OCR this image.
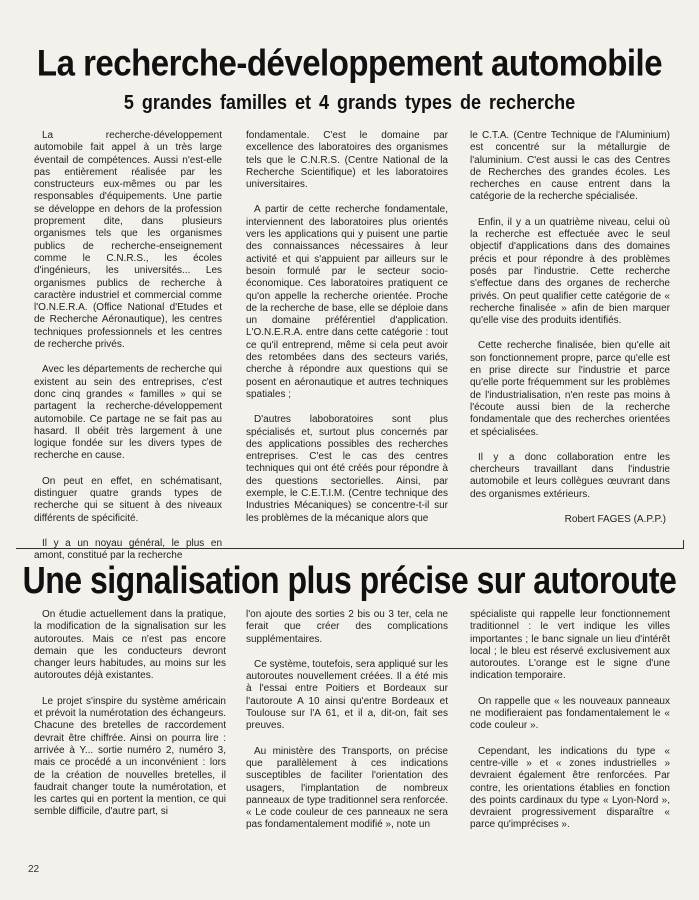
La recherche-développement automobile
5 grandes familles et 4 grands types de recherche

La recherche-développement automobile fait appel à un très large éventail de compétences. Aussi n'est-elle pas entièrement réalisée par les constructeurs eux-mêmes ou par les responsables d'équipements. Une partie se développe en dehors de la profession proprement dite, dans plusieurs organismes tels que les organismes publics de recherche-enseignement comme le C.N.R.S., les écoles d'ingénieurs, les universités... Les organismes publics de recherche à caractère industriel et commercial comme l'O.N.E.R.A. (Office National d'Etudes et de Recherche Aéronautique), les centres techniques professionnels et les centres de recherche privés.

Avec les départements de recherche qui existent au sein des entreprises, c'est donc cinq grandes « familles » qui se partagent la recherche-développement automobile. Ce partage ne se fait pas au hasard. Il obéit très largement à une logique fondée sur les divers types de recherche en cause.

On peut en effet, en schématisant, distinguer quatre grands types de recherche qui se situent à des niveaux différents de spécificité.

Il y a un noyau général, le plus en amont, constitué par la recherche

fondamentale. C'est le domaine par excellence des laboratoires des organismes tels que le C.N.R.S. (Centre National de la Recherche Scientifique) et les laboratoires universitaires.

A partir de cette recherche fondamentale, interviennent des laboratoires plus orientés vers les applications qui y puisent une partie des connaissances nécessaires à leur activité et qui s'appuient par ailleurs sur le besoin formulé par le secteur socio-économique. Ces laboratoires pratiquent ce qu'on appelle la recherche orientée. Proche de la recherche de base, elle se déploie dans un domaine préférentiel d'application. L'O.N.E.R.A. entre dans cette catégorie : tout ce qu'il entreprend, même si cela peut avoir des retombées dans des secteurs variés, cherche à répondre aux questions qui se posent en aéronautique et autres techniques spatiales ;

D'autres laboboratoires sont plus spécialisés et, surtout plus concernés par des applications possibles des recherches entreprises. C'est le cas des centres techniques qui ont été créés pour répondre à des questions sectorielles. Ainsi, par exemple, le C.E.T.I.M. (Centre technique des Industries Mécaniques) se concentre-t-il sur les problèmes de la mécanique alors que

le C.T.A. (Centre Technique de l'Aluminium) est concentré sur la métallurgie de l'aluminium. C'est aussi le cas des Centres de Recherches des grandes écoles. Les recherches en cause entrent dans la catégorie de la recherche spécialisée.

Enfin, il y a un quatrième niveau, celui où la recherche est effectuée avec le seul objectif d'applications dans des domaines précis et pour répondre à des problèmes posés par l'industrie. Cette recherche s'effectue dans des organes de recherche privés. On peut qualifier cette catégorie de « recherche finalisée » afin de bien marquer qu'elle vise des produits identifiés.

Cette recherche finalisée, bien qu'elle ait son fonctionnement propre, parce qu'elle est en prise directe sur l'industrie et parce qu'elle porte fréquemment sur les problèmes de l'industrialisation, n'en reste pas moins à l'écoute aussi bien de la recherche fondamentale que des recherches orientées et spécialisées.

Il y a donc collaboration entre les chercheurs travaillant dans l'industrie automobile et leurs collègues œuvrant dans des organismes extérieurs.

Robert FAGES (A.P.P.)
Une signalisation plus précise sur autoroute

On étudie actuellement dans la pratique, la modification de la signalisation sur les autoroutes. Mais ce n'est pas encore demain que les conducteurs devront changer leurs habitudes, au moins sur les autoroutes déjà existantes.

Le projet s'inspire du système américain et prévoit la numérotation des échangeurs. Chacune des bretelles de raccordement devrait être chiffrée. Ainsi on pourra lire : arrivée à Y... sortie numéro 2, numéro 3, mais ce procédé a un inconvénient : lors de la création de nouvelles bretelles, il faudrait changer toute la numérotation, et les cartes qui en portent la mention, ce qui semble difficile, d'autre part, si

l'on ajoute des sorties 2 bis ou 3 ter, cela ne ferait que créer des complications supplémentaires.

Ce système, toutefois, sera appliqué sur les autoroutes nouvellement créées. Il a été mis à l'essai entre Poitiers et Bordeaux sur l'autoroute A 10 ainsi qu'entre Bordeaux et Toulouse sur l'A 61, et il a, dit-on, fait ses preuves.

Au ministère des Transports, on précise que parallèlement à ces indications susceptibles de faciliter l'orientation des usagers, l'implantation de nombreux panneaux de type traditionnel sera renforcée. « Le code couleur de ces panneaux ne sera pas fondamentalement modifié », note un

spécialiste qui rappelle leur fonctionnement traditionnel : le vert indique les villes importantes ; le banc signale un lieu d'intérêt local ; le bleu est réservé exclusivement aux autoroutes. L'orange est le signe d'une indication temporaire.

On rappelle que « les nouveaux panneaux ne modifieraient pas fondamentalement le « code couleur ».

Cependant, les indications du type « centre-ville » et « zones industrielles » devraient également être renforcées. Par contre, les orientations établies en fonction des points cardinaux du type « Lyon-Nord », devraient progressivement disparaître « parce qu'imprécises ».

22
